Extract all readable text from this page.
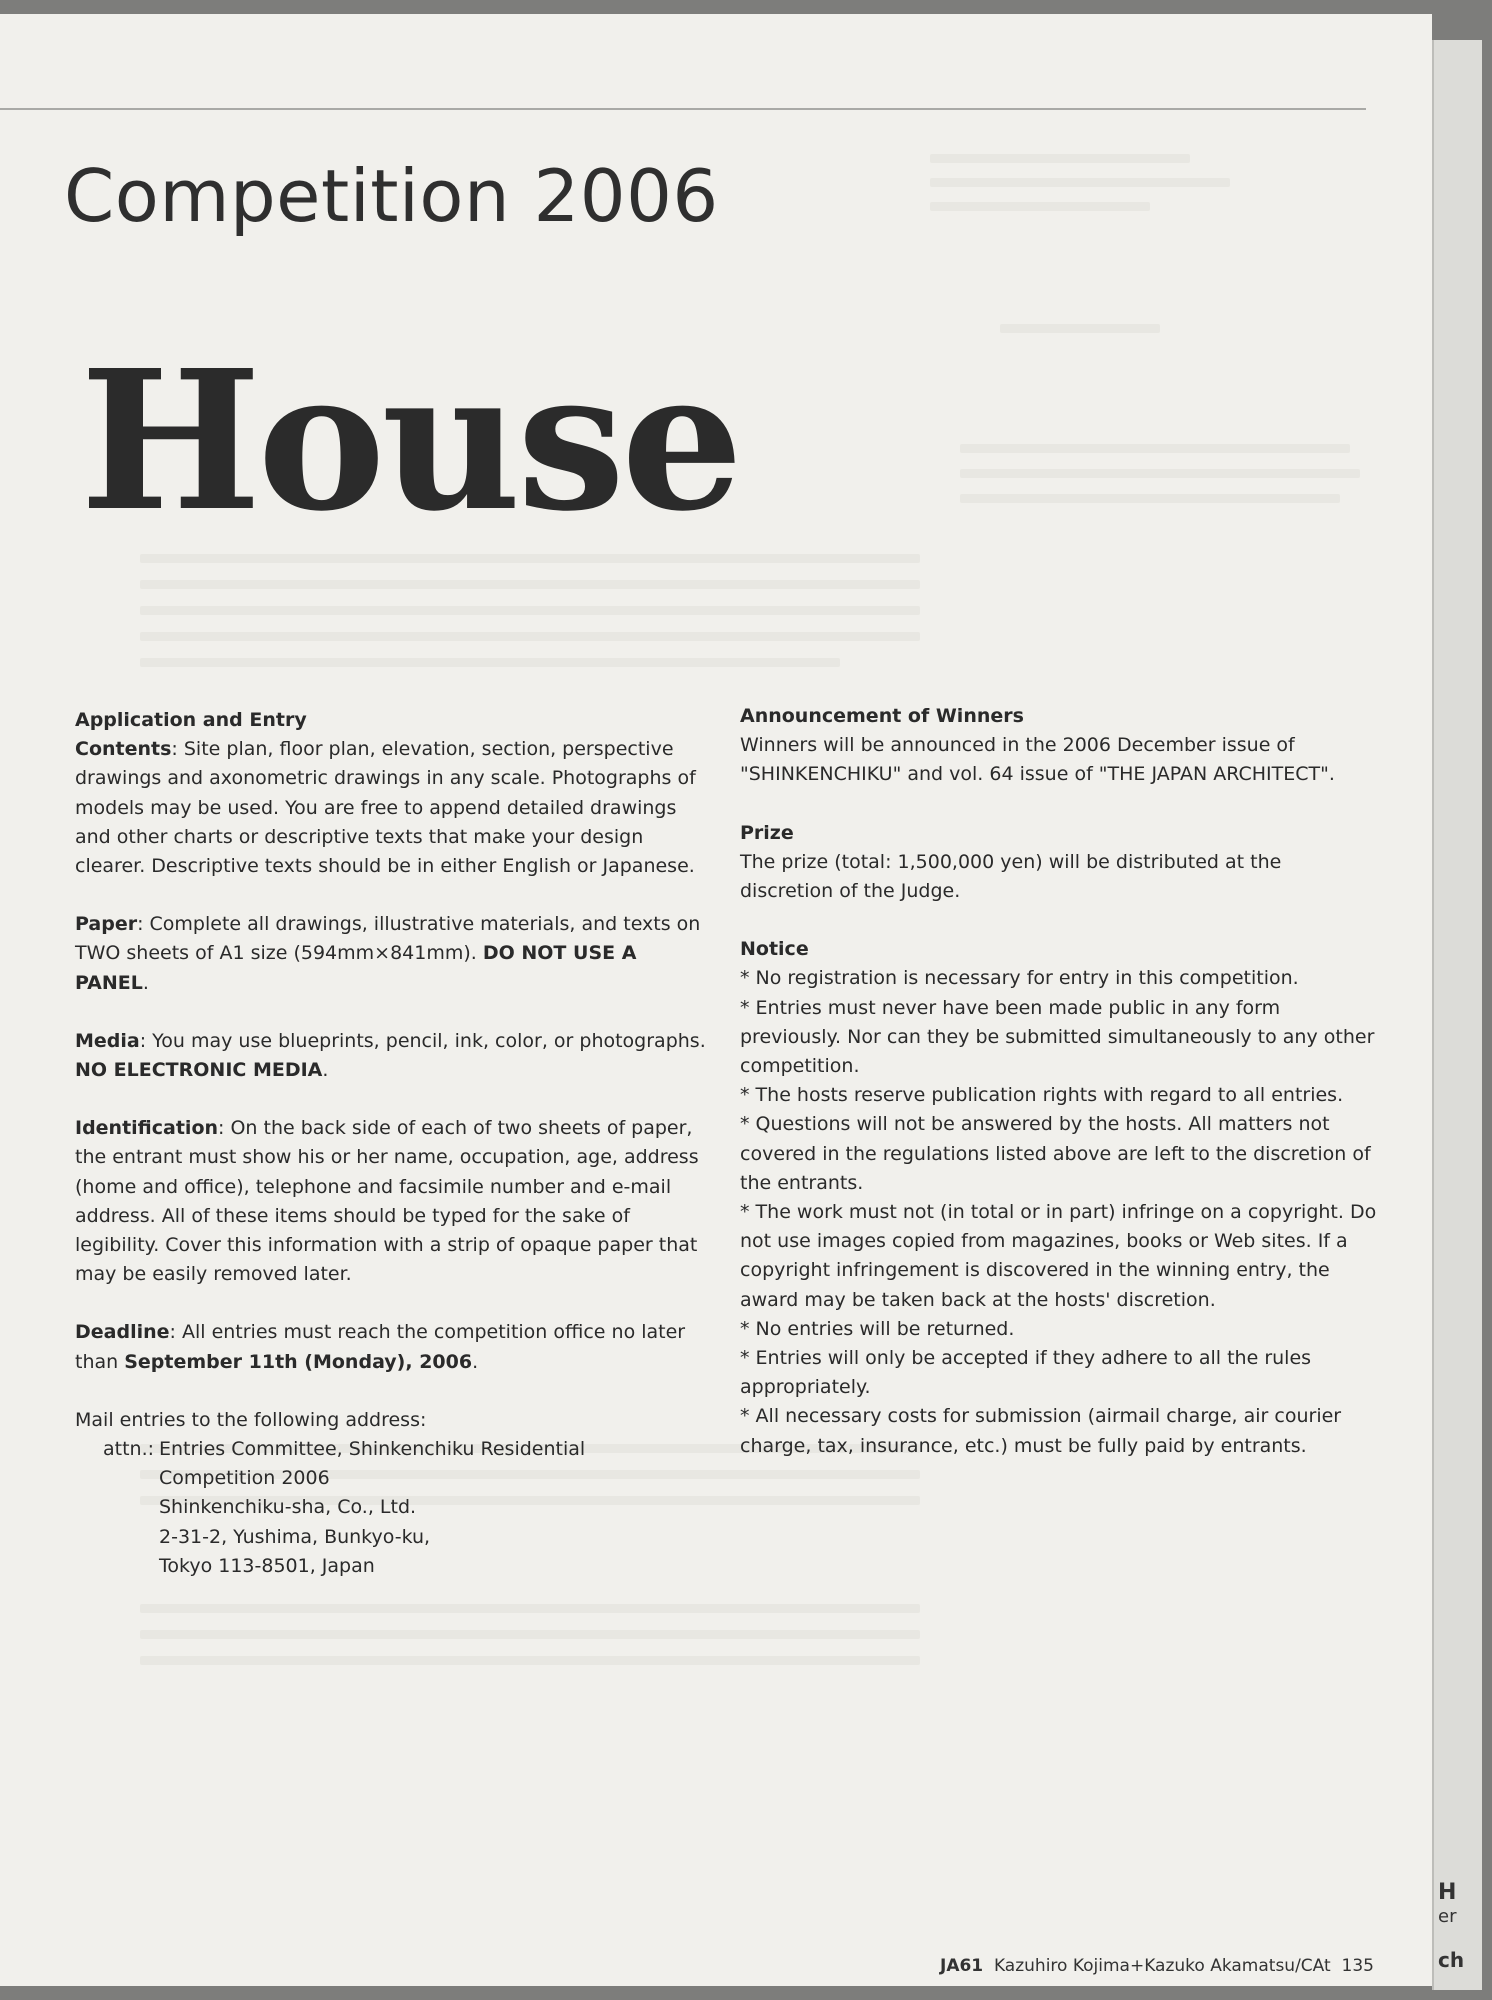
Competition 2006
House
Application and Entry

Contents: Site plan, floor plan, elevation, section, perspective drawings and axonometric drawings in any scale. Photographs of models may be used. You are free to append detailed drawings and other charts or descriptive texts that make your design clearer. Descriptive texts should be in either English or Japanese.

Paper: Complete all drawings, illustrative materials, and texts on TWO sheets of A1 size (594mm×841mm). DO NOT USE A PANEL.

Media: You may use blueprints, pencil, ink, color, or photographs. NO ELECTRONIC MEDIA.

Identification: On the back side of each of two sheets of paper, the entrant must show his or her name, occupation, age, address (home and office), telephone and facsimile number and e-mail address. All of these items should be typed for the sake of legibility. Cover this information with a strip of opaque paper that may be easily removed later.

Deadline: All entries must reach the competition office no later than September 11th (Monday), 2006.

Mail entries to the following address:

attn.: Entries Committee, Shinkenchiku Residential

Competition 2006

Shinkenchiku-sha, Co., Ltd.

2-31-2, Yushima, Bunkyo-ku,

Tokyo 113-8501, Japan

Announcement of Winners

Winners will be announced in the 2006 December issue of "SHINKENCHIKU" and vol. 64 issue of "THE JAPAN ARCHITECT".

Prize

The prize (total: 1,500,000 yen) will be distributed at the discretion of the Judge.

Notice

* No registration is necessary for entry in this competition.

* Entries must never have been made public in any form previously. Nor can they be submitted simultaneously to any other competition.

* The hosts reserve publication rights with regard to all entries.

* Questions will not be answered by the hosts. All matters not covered in the regulations listed above are left to the discretion of the entrants.

* The work must not (in total or in part) infringe on a copyright. Do not use images copied from magazines, books or Web sites. If a copyright infringement is discovered in the winning entry, the award may be taken back at the hosts' discretion.

* No entries will be returned.

* Entries will only be accepted if they adhere to all the rules appropriately.

* All necessary costs for submission (airmail charge, air courier charge, tax, insurance, etc.) must be fully paid by entrants.

JA61 Kazuhiro Kojima+Kazuko Akamatsu/CAt 135
H
er
ch
